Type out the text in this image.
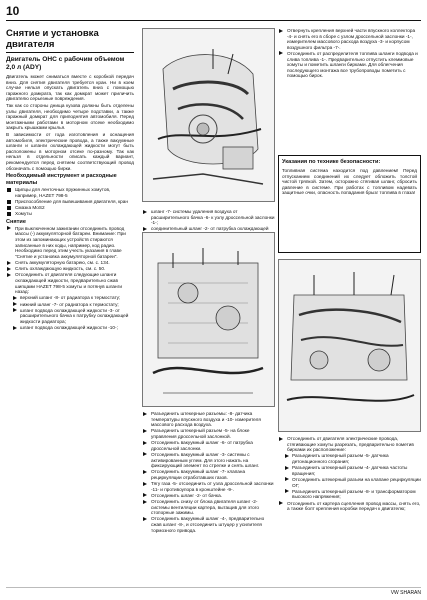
10
Снятие и установка двигателя
Двигатель OHC с рабочим объемом 2,0 л (ADY)
Двигатель может сниматься вместе с коробкой передач вниз. Для снятия двигателя требуется кран. Ни в коем случае нельзя опускать двигатель вниз с помощью гаражного домкрата, так как домкрат может приличить двигателю серьезные повреждения.
Так как со стороны днища кузова должны быть отделены узлы двигателя, необходимо четыре подставки, а также гаражный домкрат для приподнятия автомобиля. Перед монтажными работами в моторном отсеке необходимо закрыть крышками крылья.
В зависимости от года изготовления и оснащения автомобиля, электрические провода, а также вакуумные шланги и шланги охлаждающей жидкости могут быть расположены в моторном отсеке по-разному. Так как нельзя в отдельности описать каждый вариант, рекомендуется перед снятием соответствующий провод обозначать с помощью бирки.
Необходимый инструмент и расходные материалы
Щипцы для ленточных пружинных хомутов, например, HAZET 798-5
Приспособление для вывешивания двигателя, кран
Смазка MoS2
Хомуты
Снятие
При выключенном зажигании отсоединить провод массы (-) аккумуляторной батареи. Внимание: При этом из запоминающих устройств стираются записанные в них коды, например, код радио. Необходимо перед этим учесть указания в главе "Снятие и установка аккумуляторной батареи".
Снять аккумуляторную батарею, см. с. 134.
Слить охлаждающую жидкость, см. с. 50.
Отсоединить от двигателя следующие шланги охлаждающей жидкости, предварительно сжав шипцами HAZET 798-5 хомуты и потянув шланги назад:
верхний шланг -8- от радиатора к термостату;
нижний шланг -7- от радиатора к термостату;
шланг подвода охлаждающей жидкости -3- от расширительного бачка к патрубку охлаждающей жидкости радиатора;
шланг подвода охлаждающей жидкости -10-;
шланг -7- системы удаления воздуха от расширительного бачка -6- к узлу дроссельной заслонки -1-;
соединительный шланг -2- от патрубка охлаждающей
Разъединить штекерные разъемы: -8- датчика температуры впускного воздуха и -10- измерителя массового расхода воздуха.
Разъединить штекерный разъем -5- на блоке управления дроссельной заслонкой.
Отсоединить вакуумный шланг -6- от патрубка дроссельной заслонки.
Отсоединить вакуумный шланг -3- системы с активированным углем. Для этого нажать на фиксирующий элемент по стрелке и снять шланг.
Отсоединить вакуумный шланг -7- клапана рециркуляции отработавших газов.
Тягу газа -5- отсоединить от узла дроссельной заслонки -11- и противоупора в кронштейне -9-.
Отсоединить шланг -2- от бачка.
Отсоединить снизу от блока двигателя шланг -2- системы вентиляции картера, вытащив для этого стопорные зажимы.
Отсоединить вакуумный шланг -4-, предварительно сжав шланг -8-, и отсоединить штуцер у усилителя тормозного привода.
Отвернуть крепления верхней части впускного коллектора -4- и снять его в сборе с узлом дроссельной заслонки -1-, измерителем массового расхода воздуха -3- и корпусом воздушного фильтра -7-.
Отсоединить от распределителя топлива шланги подвода и слива топлива -1-. Предварительно отпустить клеммовые хомуты и пометить шланги бирками. Для облегчения последующего монтажа все трубопроводы пометить с помощью бирок.
Указания по технике безопасности:
Топливная система находится под давлением! Перед отпусканием соединений их следует обложить толстой чистой тряпкой. Затем, осторожно стягивая шланг, сбросить давление в системе. При работах с топливом надевать защитные очки, опасность попадания брызг топлива в глаза!
Отсоединить от двигателя электрические провода, стягивающие хомуты разрезать, предварительно пометив бирками их расположение:
Разъединить штекерный разъем -5- датчика детонационного сгорания;
Разъединить штекерный разъем -4- датчика частоты вращения;
Отсоединить штекерный разъем на клапане рециркуляции ОГ;
Разъединить штекерный разъем -8- и трансформатором высокого напряжения;
Отсоединить от картера сцепления провод массы, снять его, а также болт крепления коробки передач к двигателю;
VW SHARAN
